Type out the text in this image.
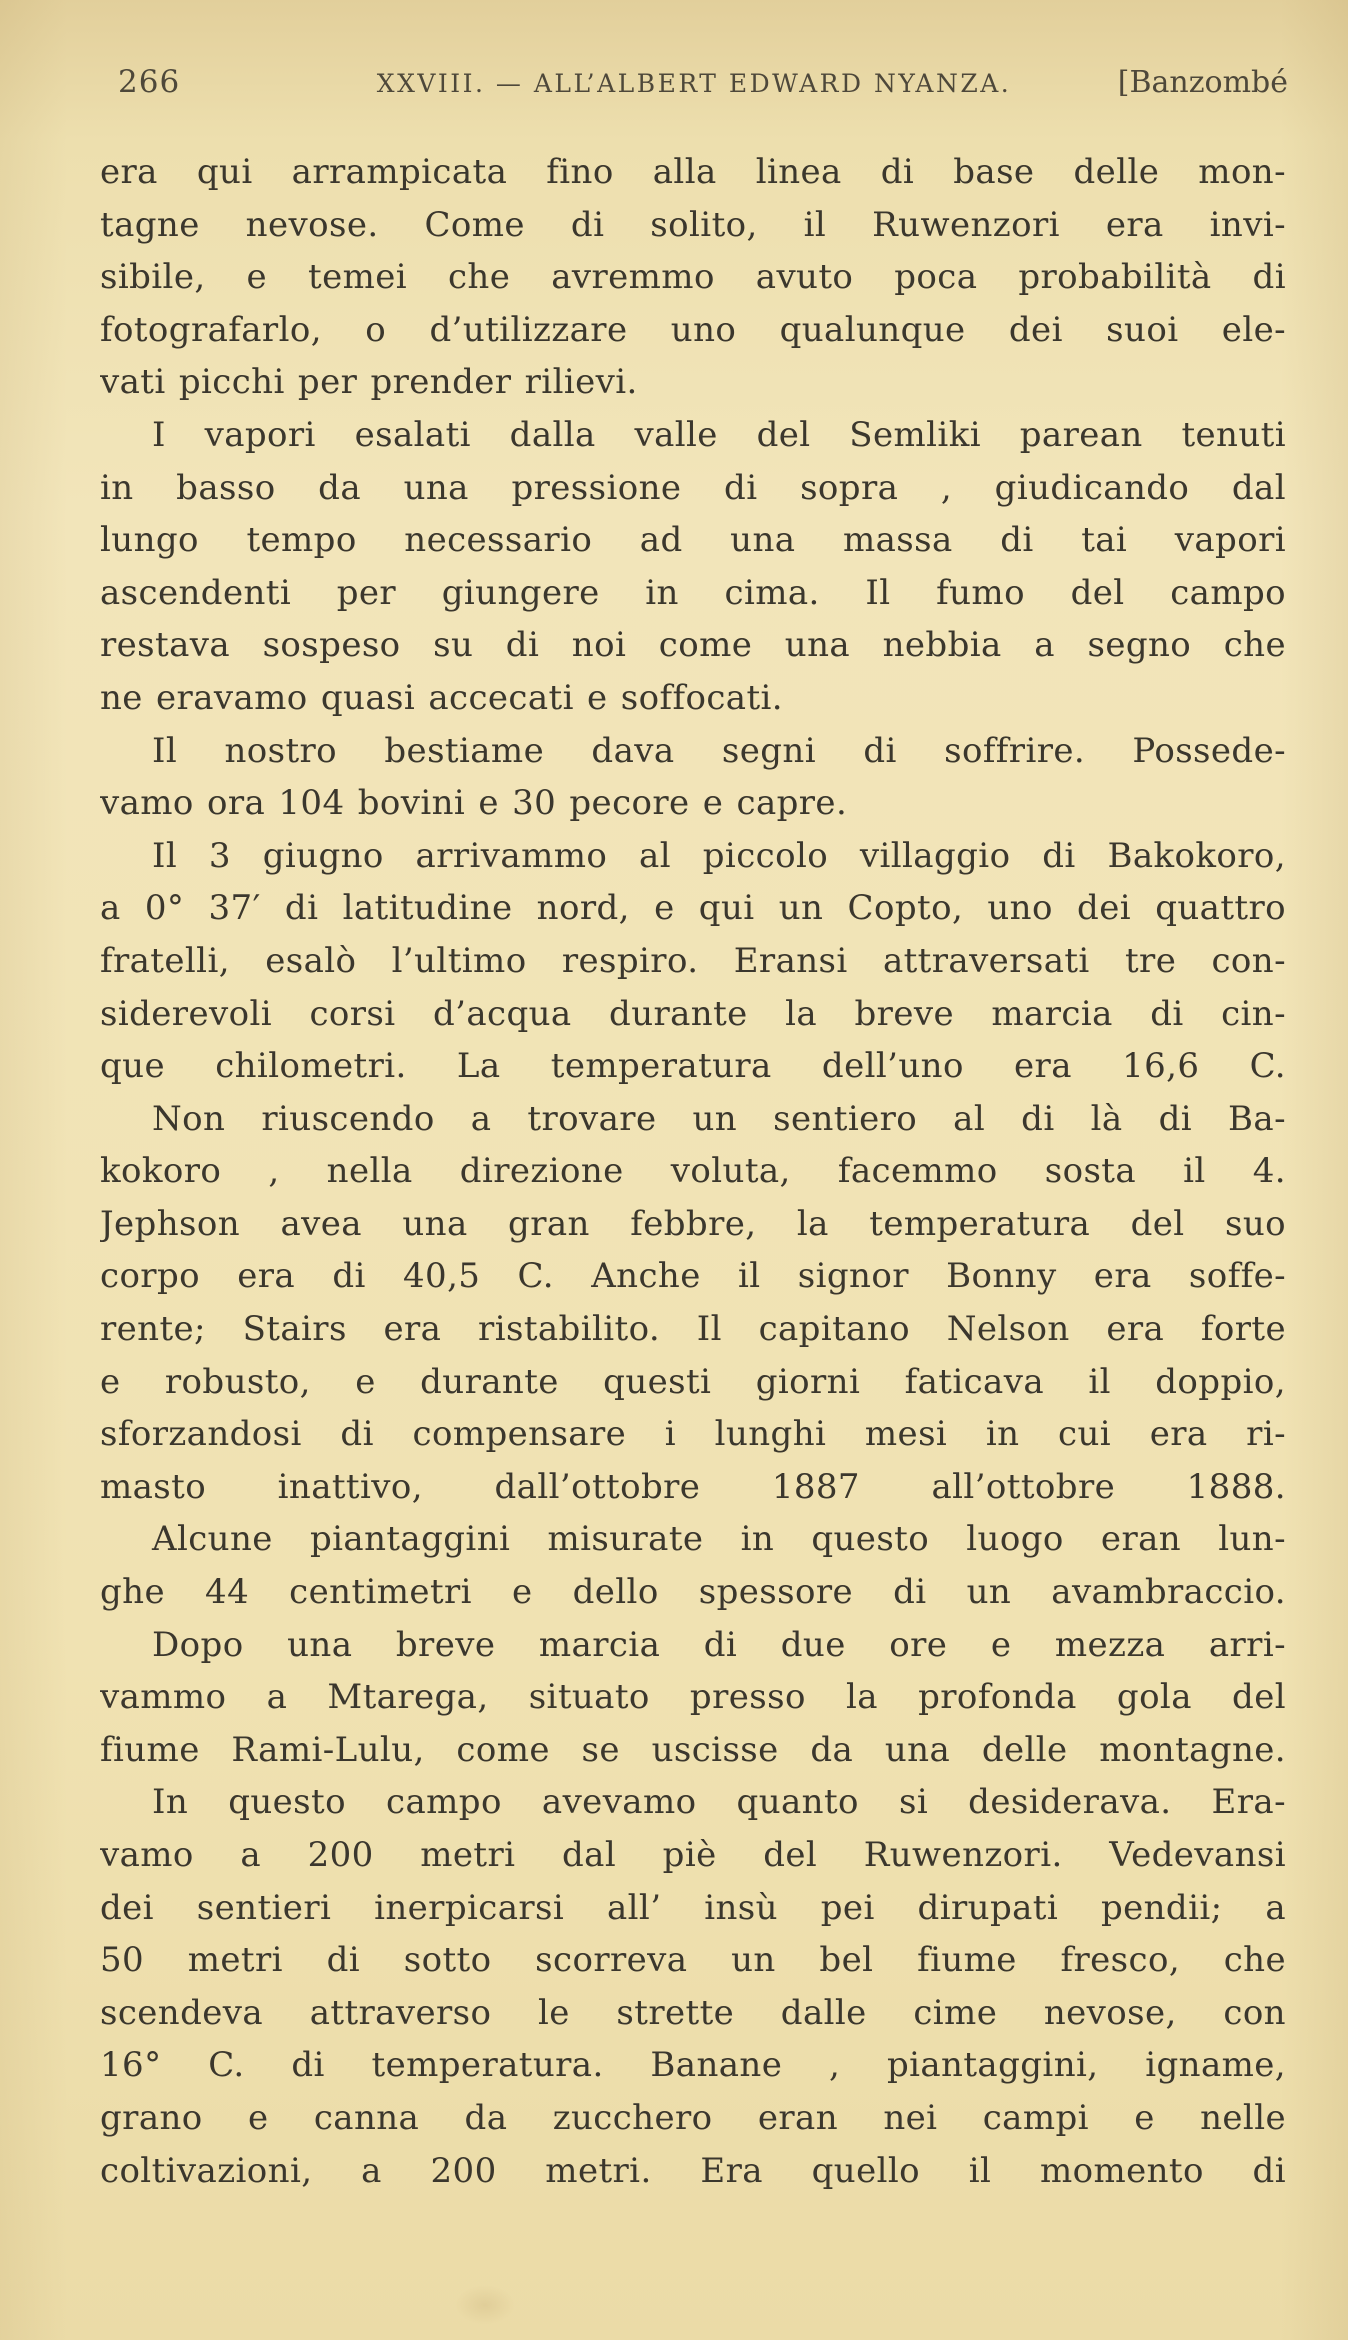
266	XXVIII. — ALL’ALBERT EDWARD NYANZA.	[Banzombé
era qui arrampicata fino alla linea di base delle mon-
tagne nevose. Come di solito, il Ruwenzori era invi-
sibile, e temei che avremmo avuto poca probabilità di
fotografarlo, o d’utilizzare uno qualunque dei suoi ele-
vati picchi per prender rilievi.
I vapori esalati dalla valle del Semliki parean tenuti
in basso da una pressione di sopra , giudicando dal
lungo tempo necessario ad una massa di tai vapori
ascendenti per giungere in cima. Il fumo del campo
restava sospeso su di noi come una nebbia a segno che
ne eravamo quasi accecati e soffocati.
Il nostro bestiame dava segni di soffrire. Possede-
vamo ora 104 bovini e 30 pecore e capre.
Il 3 giugno arrivammo al piccolo villaggio di Bakokoro,
a 0° 37′ di latitudine nord, e qui un Copto, uno dei quattro
fratelli, esalò l’ultimo respiro. Eransi attraversati tre con-
siderevoli corsi d’acqua durante la breve marcia di cin-
que chilometri. La temperatura dell’uno era 16,6 C.
Non riuscendo a trovare un sentiero al di là di Ba-
kokoro , nella direzione voluta, facemmo sosta il 4.
Jephson avea una gran febbre, la temperatura del suo
corpo era di 40,5 C. Anche il signor Bonny era soffe-
rente; Stairs era ristabilito. Il capitano Nelson era forte
e robusto, e durante questi giorni faticava il doppio,
sforzandosi di compensare i lunghi mesi in cui era ri-
masto inattivo, dall’ottobre 1887 all’ottobre 1888.
Alcune piantaggini misurate in questo luogo eran lun-
ghe 44 centimetri e dello spessore di un avambraccio.
Dopo una breve marcia di due ore e mezza arri-
vammo a Mtarega, situato presso la profonda gola del
fiume Rami-Lulu, come se uscisse da una delle montagne.
In questo campo avevamo quanto si desiderava. Era-
vamo a 200 metri dal piè del Ruwenzori. Vedevansi
dei sentieri inerpicarsi all’ insù pei dirupati pendii; a
50 metri di sotto scorreva un bel fiume fresco, che
scendeva attraverso le strette dalle cime nevose, con
16° C. di temperatura. Banane , piantaggini, igname,
grano e canna da zucchero eran nei campi e nelle
coltivazioni, a 200 metri. Era quello il momento di
